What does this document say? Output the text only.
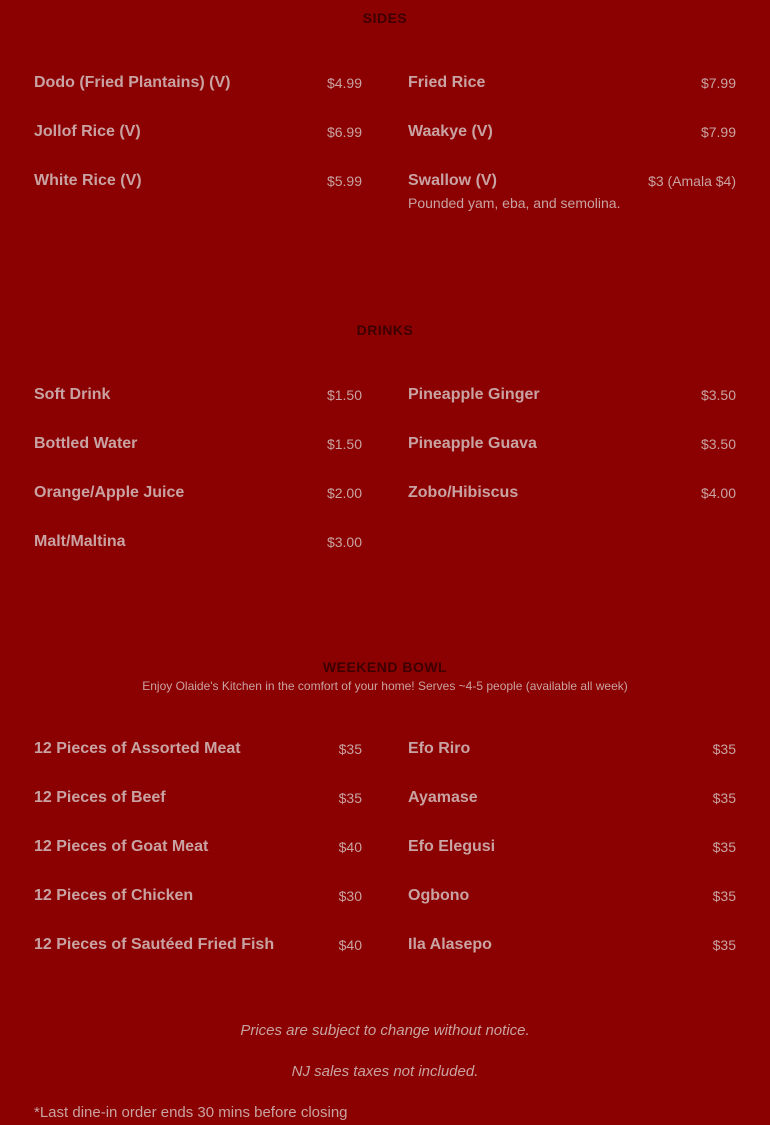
SIDES
Dodo (Fried Plantains) (V)	$4.99
Jollof Rice (V)	$6.99
White Rice (V)	$5.99
Fried Rice	$7.99
Waakye (V)	$7.99
Swallow (V)	$3 (Amala $4)
Pounded yam, eba, and semolina.
DRINKS
Soft Drink	$1.50
Bottled Water	$1.50
Orange/Apple Juice	$2.00
Malt/Maltina	$3.00
Pineapple Ginger	$3.50
Pineapple Guava	$3.50
Zobo/Hibiscus	$4.00
WEEKEND BOWL

Enjoy Olaide's Kitchen in the comfort of your home! Serves ~4-5 people (available all week)

12 Pieces of Assorted Meat	$35
12 Pieces of Beef	$35
12 Pieces of Goat Meat	$40
12 Pieces of Chicken	$30
12 Pieces of Sautéed Fried Fish	$40
Efo Riro	$35
Ayamase	$35
Efo Elegusi	$35
Ogbono	$35
Ila Alasepo	$35
Prices are subject to change without notice.
NJ sales taxes not included.
*Last dine-in order ends 30 mins before closing
